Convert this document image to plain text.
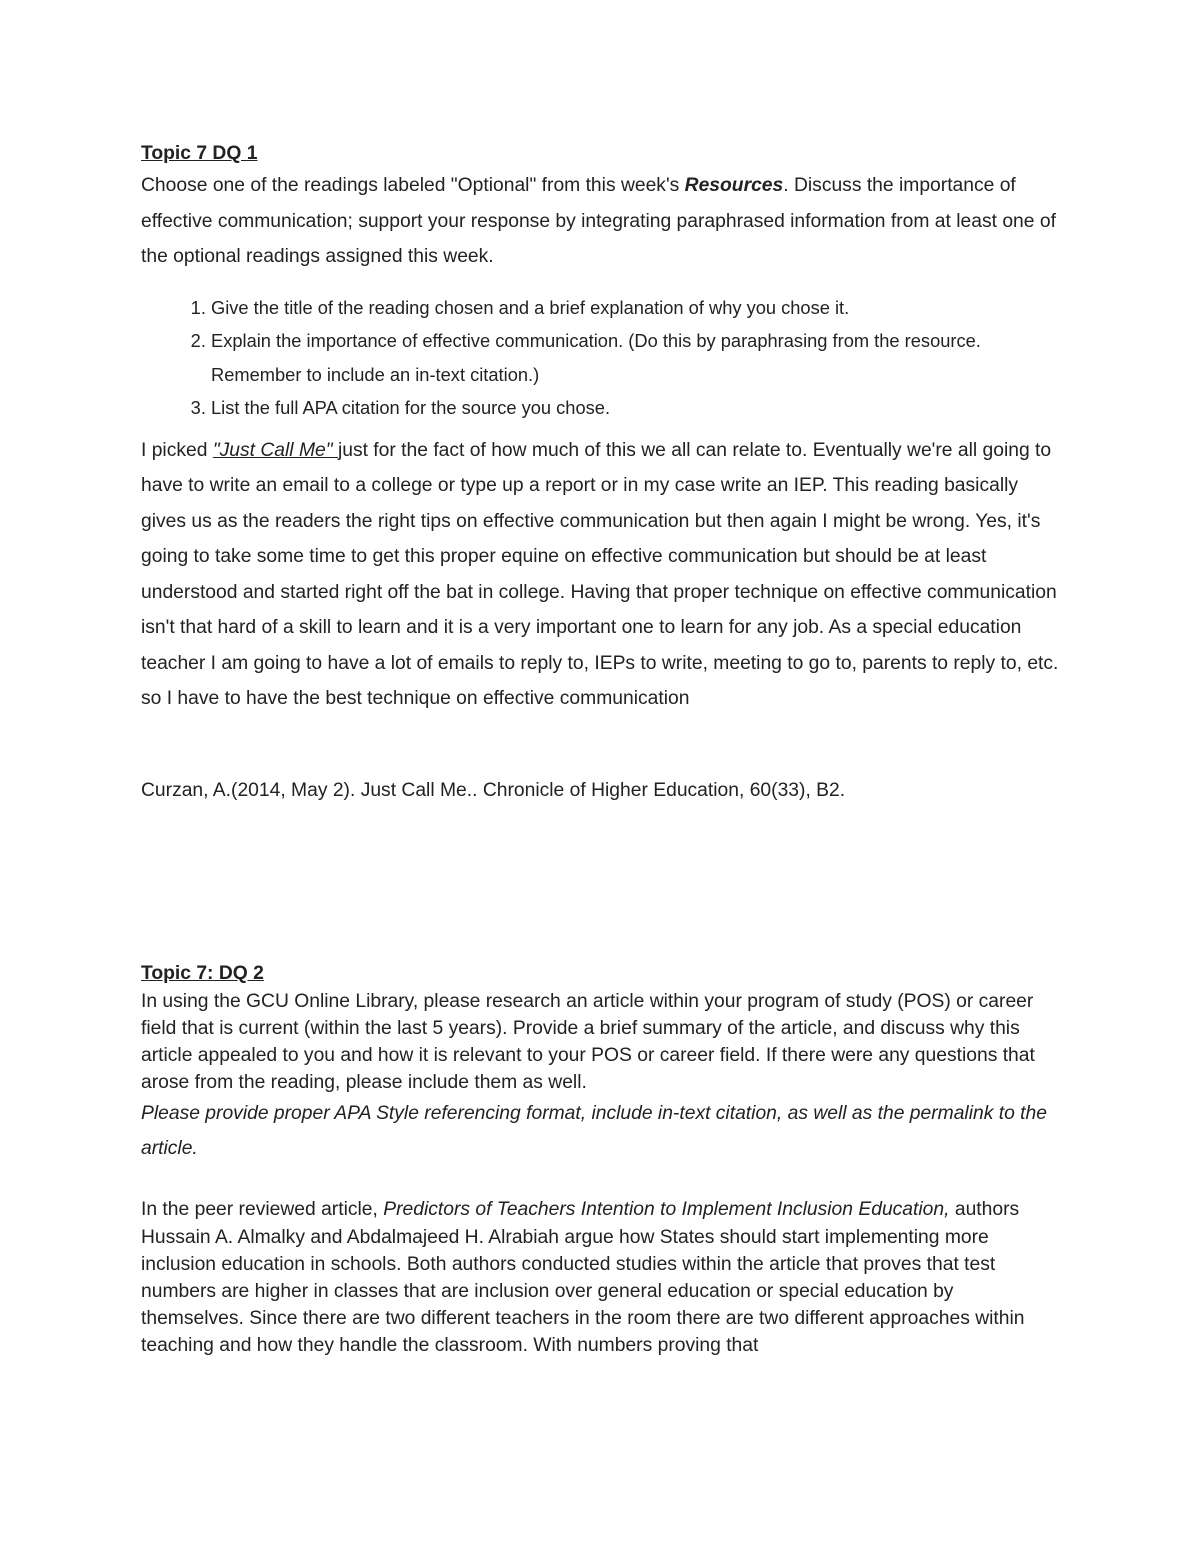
Topic 7 DQ 1

Choose one of the readings labeled "Optional" from this week's Resources. Discuss the importance of effective communication; support your response by integrating paraphrased information from at least one of the optional readings assigned this week.

1. Give the title of the reading chosen and a brief explanation of why you chose it.
2. Explain the importance of effective communication. (Do this by paraphrasing from the resource. Remember to include an in-text citation.)
3. List the full APA citation for the source you chose.

I picked "Just Call Me" just for the fact of how much of this we all can relate to. Eventually we're all going to have to write an email to a college or type up a report or in my case write an IEP. This reading basically gives us as the readers the right tips on effective communication but then again I might be wrong. Yes, it's going to take some time to get this proper equine on effective communication but should be at least understood and started right off the bat in college. Having that proper technique on effective communication isn't that hard of a skill to learn and it is a very important one to learn for any job. As a special education teacher I am going to have a lot of emails to reply to, IEPs to write, meeting to go to, parents to reply to, etc. so I have to have the best technique on effective communication

Curzan, A.(2014, May 2). Just Call Me.. Chronicle of Higher Education, 60(33), B2.

Topic 7: DQ 2

In using the GCU Online Library, please research an article within your program of study (POS) or career field that is current (within the last 5 years). Provide a brief summary of the article, and discuss why this article appealed to you and how it is relevant to your POS or career field. If there were any questions that arose from the reading, please include them as well.

Please provide proper APA Style referencing format, include in-text citation, as well as the permalink to the article.

In the peer reviewed article, Predictors of Teachers Intention to Implement Inclusion Education, authors Hussain A. Almalky and Abdalmajeed H. Alrabiah argue how States should start implementing more inclusion education in schools. Both authors conducted studies within the article that proves that test numbers are higher in classes that are inclusion over general education or special education by themselves. Since there are two different teachers in the room there are two different approaches within teaching and how they handle the classroom. With numbers proving that
